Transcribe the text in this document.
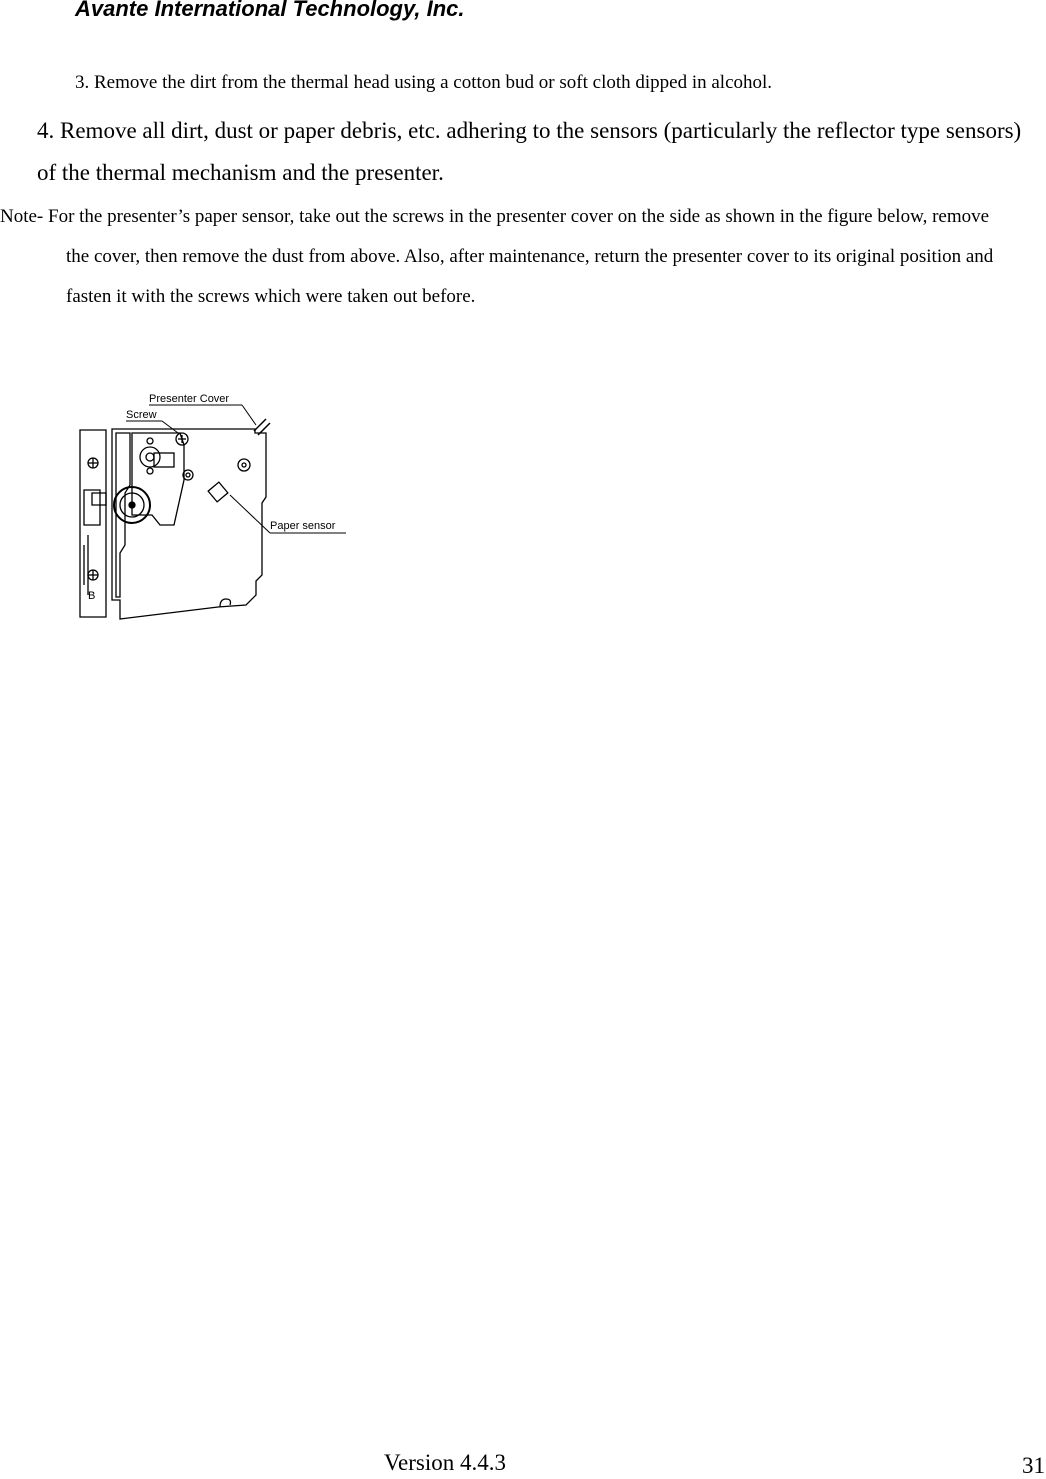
Avante International Technology, Inc.
3. Remove the dirt from the thermal head using a cotton bud or soft cloth dipped in alcohol.
4. Remove all dirt, dust or paper debris, etc. adhering to the sensors (particularly the reflector type sensors) of the thermal mechanism and the presenter.
Note- For the presenter’s paper sensor, take out the screws in the presenter cover on the side as shown in the figure below, remove the cover, then remove the dust from above. Also, after maintenance, return the presenter cover to its original position and fasten it with the screws which were taken out before.
Presenter Cover
Screw
Paper sensor
B
Version 4.4.3	31
